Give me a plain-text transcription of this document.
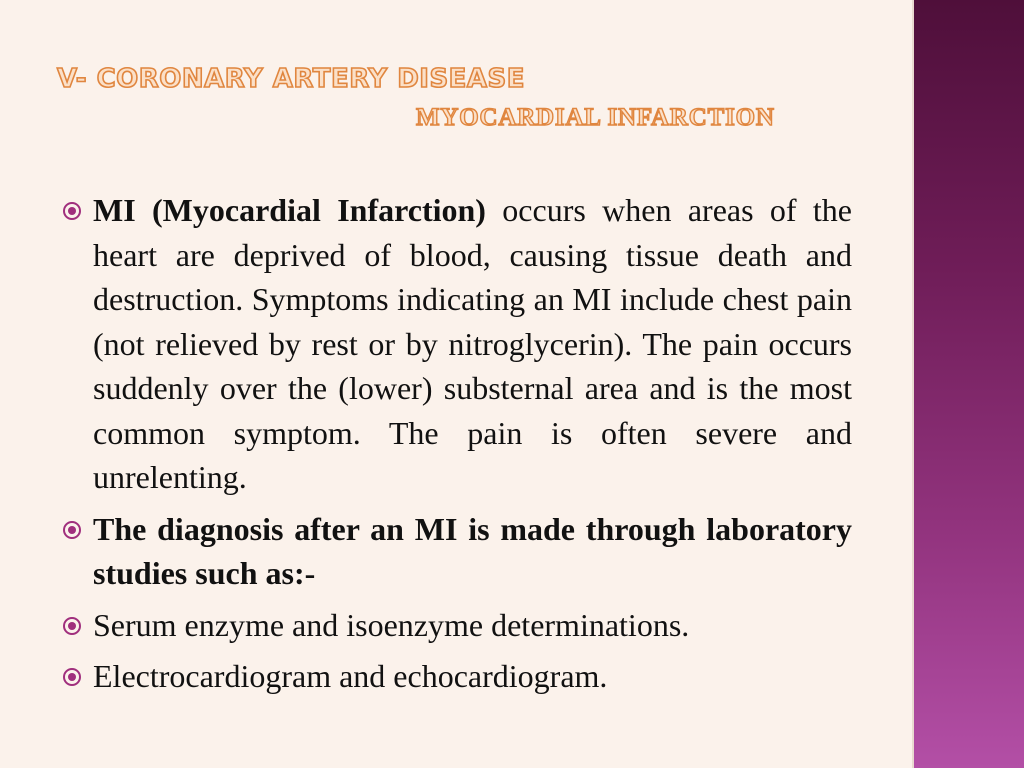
V- CORONARY ARTERY DISEASE
MYOCARDIAL INFARCTION
MI (Myocardial Infarction) occurs when areas of the heart are deprived of blood, causing tissue death and destruction. Symptoms indicating an MI include chest pain (not relieved by rest or by nitroglycerin). The pain occurs suddenly over the (lower) substernal area and is the most common symptom. The pain is often severe and unrelenting.
The diagnosis after an MI is made through laboratory studies such as:-
Serum enzyme and isoenzyme determinations.
Electrocardiogram and echocardiogram.
